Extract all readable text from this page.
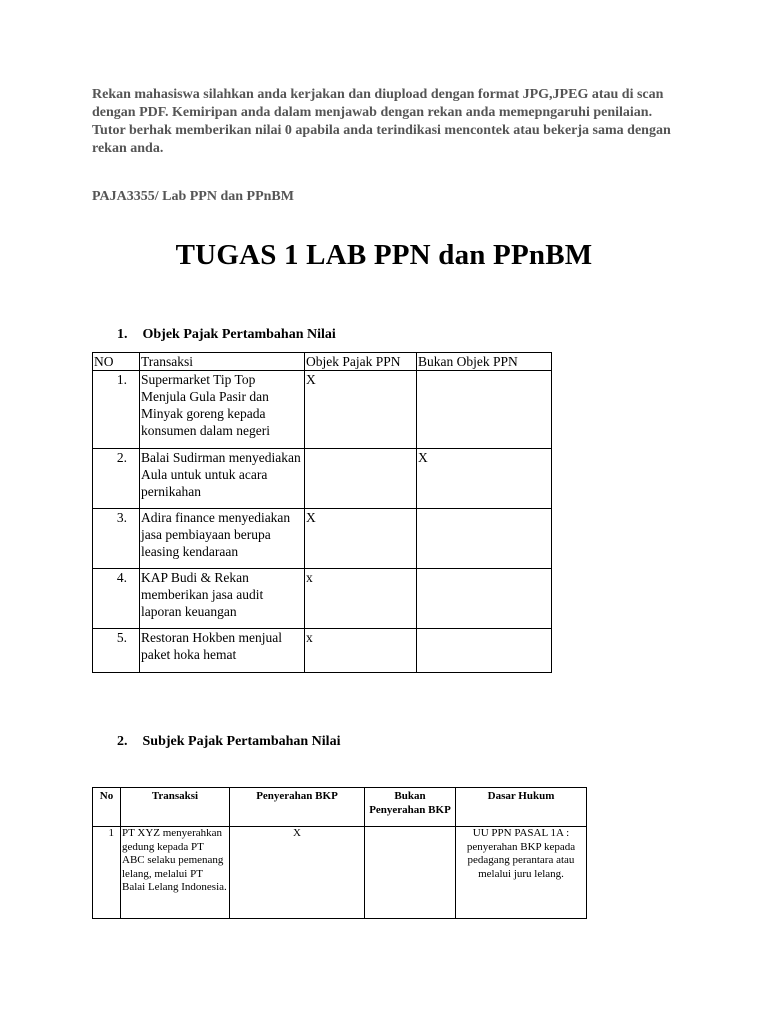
Rekan mahasiswa silahkan anda kerjakan dan diupload dengan format JPG,JPEG atau di scan dengan PDF. Kemiripan anda dalam menjawab dengan rekan anda memepngaruhi penilaian. Tutor berhak memberikan nilai 0 apabila anda terindikasi mencontek atau bekerja sama dengan rekan anda.

PAJA3355/ Lab PPN dan PPnBM

TUGAS 1 LAB PPN dan PPnBM

1. Objek Pajak Pertambahan Nilai

NO	Transaksi	Objek Pajak PPN	Bukan Objek PPN
1.	Supermarket Tip Top Menjula Gula Pasir dan Minyak goreng kepada konsumen dalam negeri	X	
2.	Balai Sudirman menyediakan Aula untuk untuk acara pernikahan		X
3.	Adira finance menyediakan jasa pembiayaan berupa leasing kendaraan	X	
4.	KAP Budi & Rekan memberikan jasa audit laporan keuangan	x	
5.	Restoran Hokben menjual paket hoka hemat	x	

2. Subjek Pajak Pertambahan Nilai

No	Transaksi	Penyerahan BKP	Bukan Penyerahan BKP	Dasar Hukum
1	PT XYZ menyerahkan gedung kepada PT ABC selaku pemenang lelang, melalui PT Balai Lelang Indonesia.	X		UU PPN PASAL 1A : penyerahan BKP kepada pedagang perantara atau melalui juru lelang.
